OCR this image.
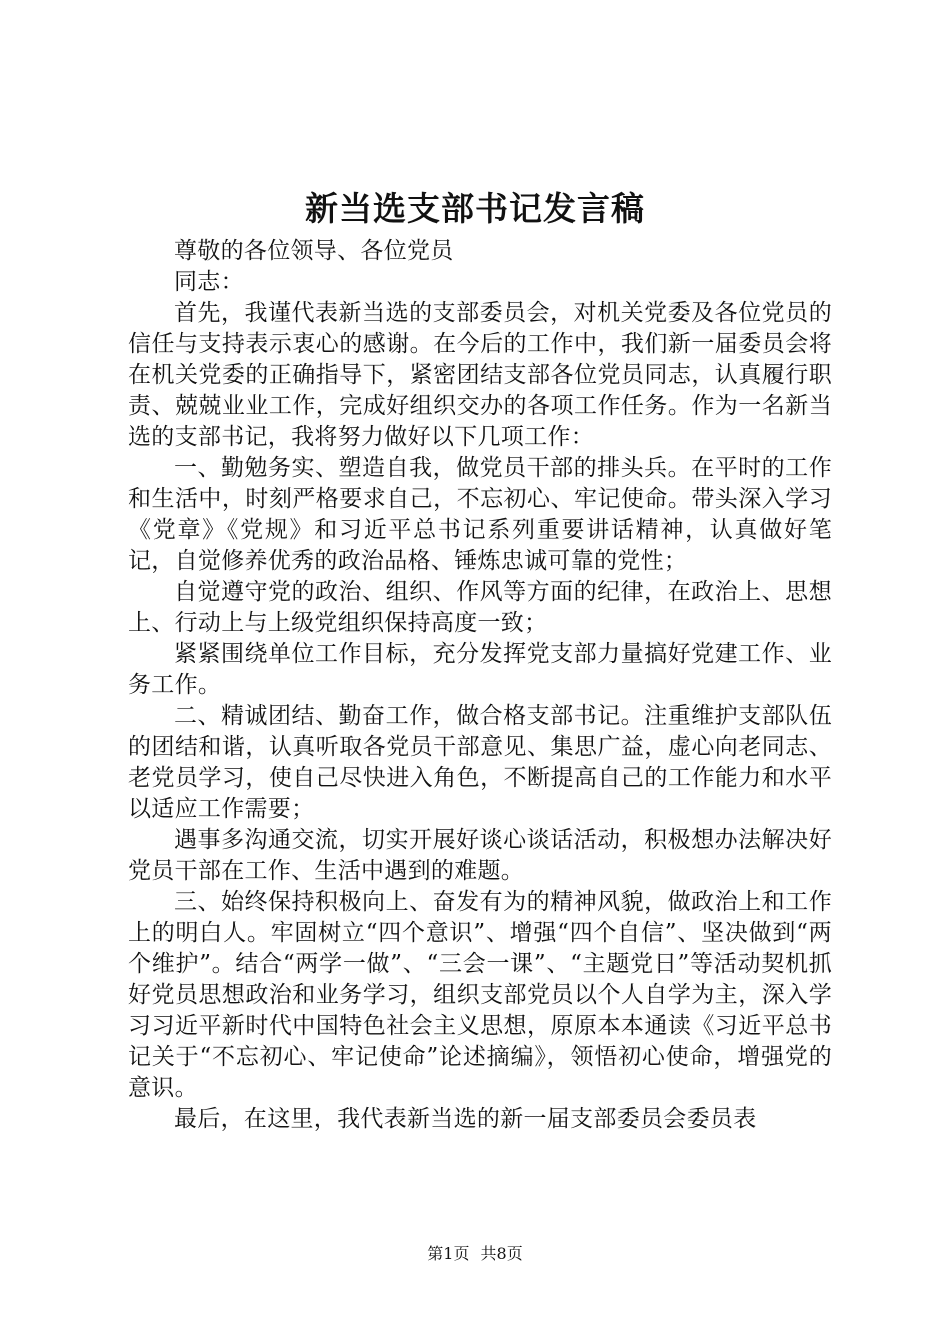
新当选支部书记发言稿

尊敬的各位领导、各位党员

同志：

首先，我谨代表新当选的支部委员会，对机关党委及各位党员的信任与支持表示衷心的感谢。在今后的工作中，我们新一届委员会将在机关党委的正确指导下，紧密团结支部各位党员同志，认真履行职责、兢兢业业工作，完成好组织交办的各项工作任务。作为一名新当选的支部书记，我将努力做好以下几项工作：

一、勤勉务实、塑造自我，做党员干部的排头兵。在平时的工作和生活中，时刻严格要求自己，不忘初心、牢记使命。带头深入学习《党章》《党规》和习近平总书记系列重要讲话精神，认真做好笔记，自觉修养优秀的政治品格、锤炼忠诚可靠的党性；

自觉遵守党的政治、组织、作风等方面的纪律，在政治上、思想上、行动上与上级党组织保持高度一致；

紧紧围绕单位工作目标，充分发挥党支部力量搞好党建工作、业务工作。

二、精诚团结、勤奋工作，做合格支部书记。注重维护支部队伍的团结和谐，认真听取各党员干部意见、集思广益，虚心向老同志、老党员学习，使自己尽快进入角色，不断提高自己的工作能力和水平以适应工作需要；

遇事多沟通交流，切实开展好谈心谈话活动，积极想办法解决好党员干部在工作、生活中遇到的难题。

三、始终保持积极向上、奋发有为的精神风貌，做政治上和工作上的明白人。牢固树立“四个意识”、增强“四个自信”、坚决做到“两个维护”。结合“两学一做”、“三会一课”、“主题党日”等活动契机抓好党员思想政治和业务学习，组织支部党员以个人自学为主，深入学习习近平新时代中国特色社会主义思想，原原本本通读《习近平总书记关于“不忘初心、牢记使命”论述摘编》，领悟初心使命，增强党的意识。

最后，在这里，我代表新当选的新一届支部委员会委员表

第1页 共8页
